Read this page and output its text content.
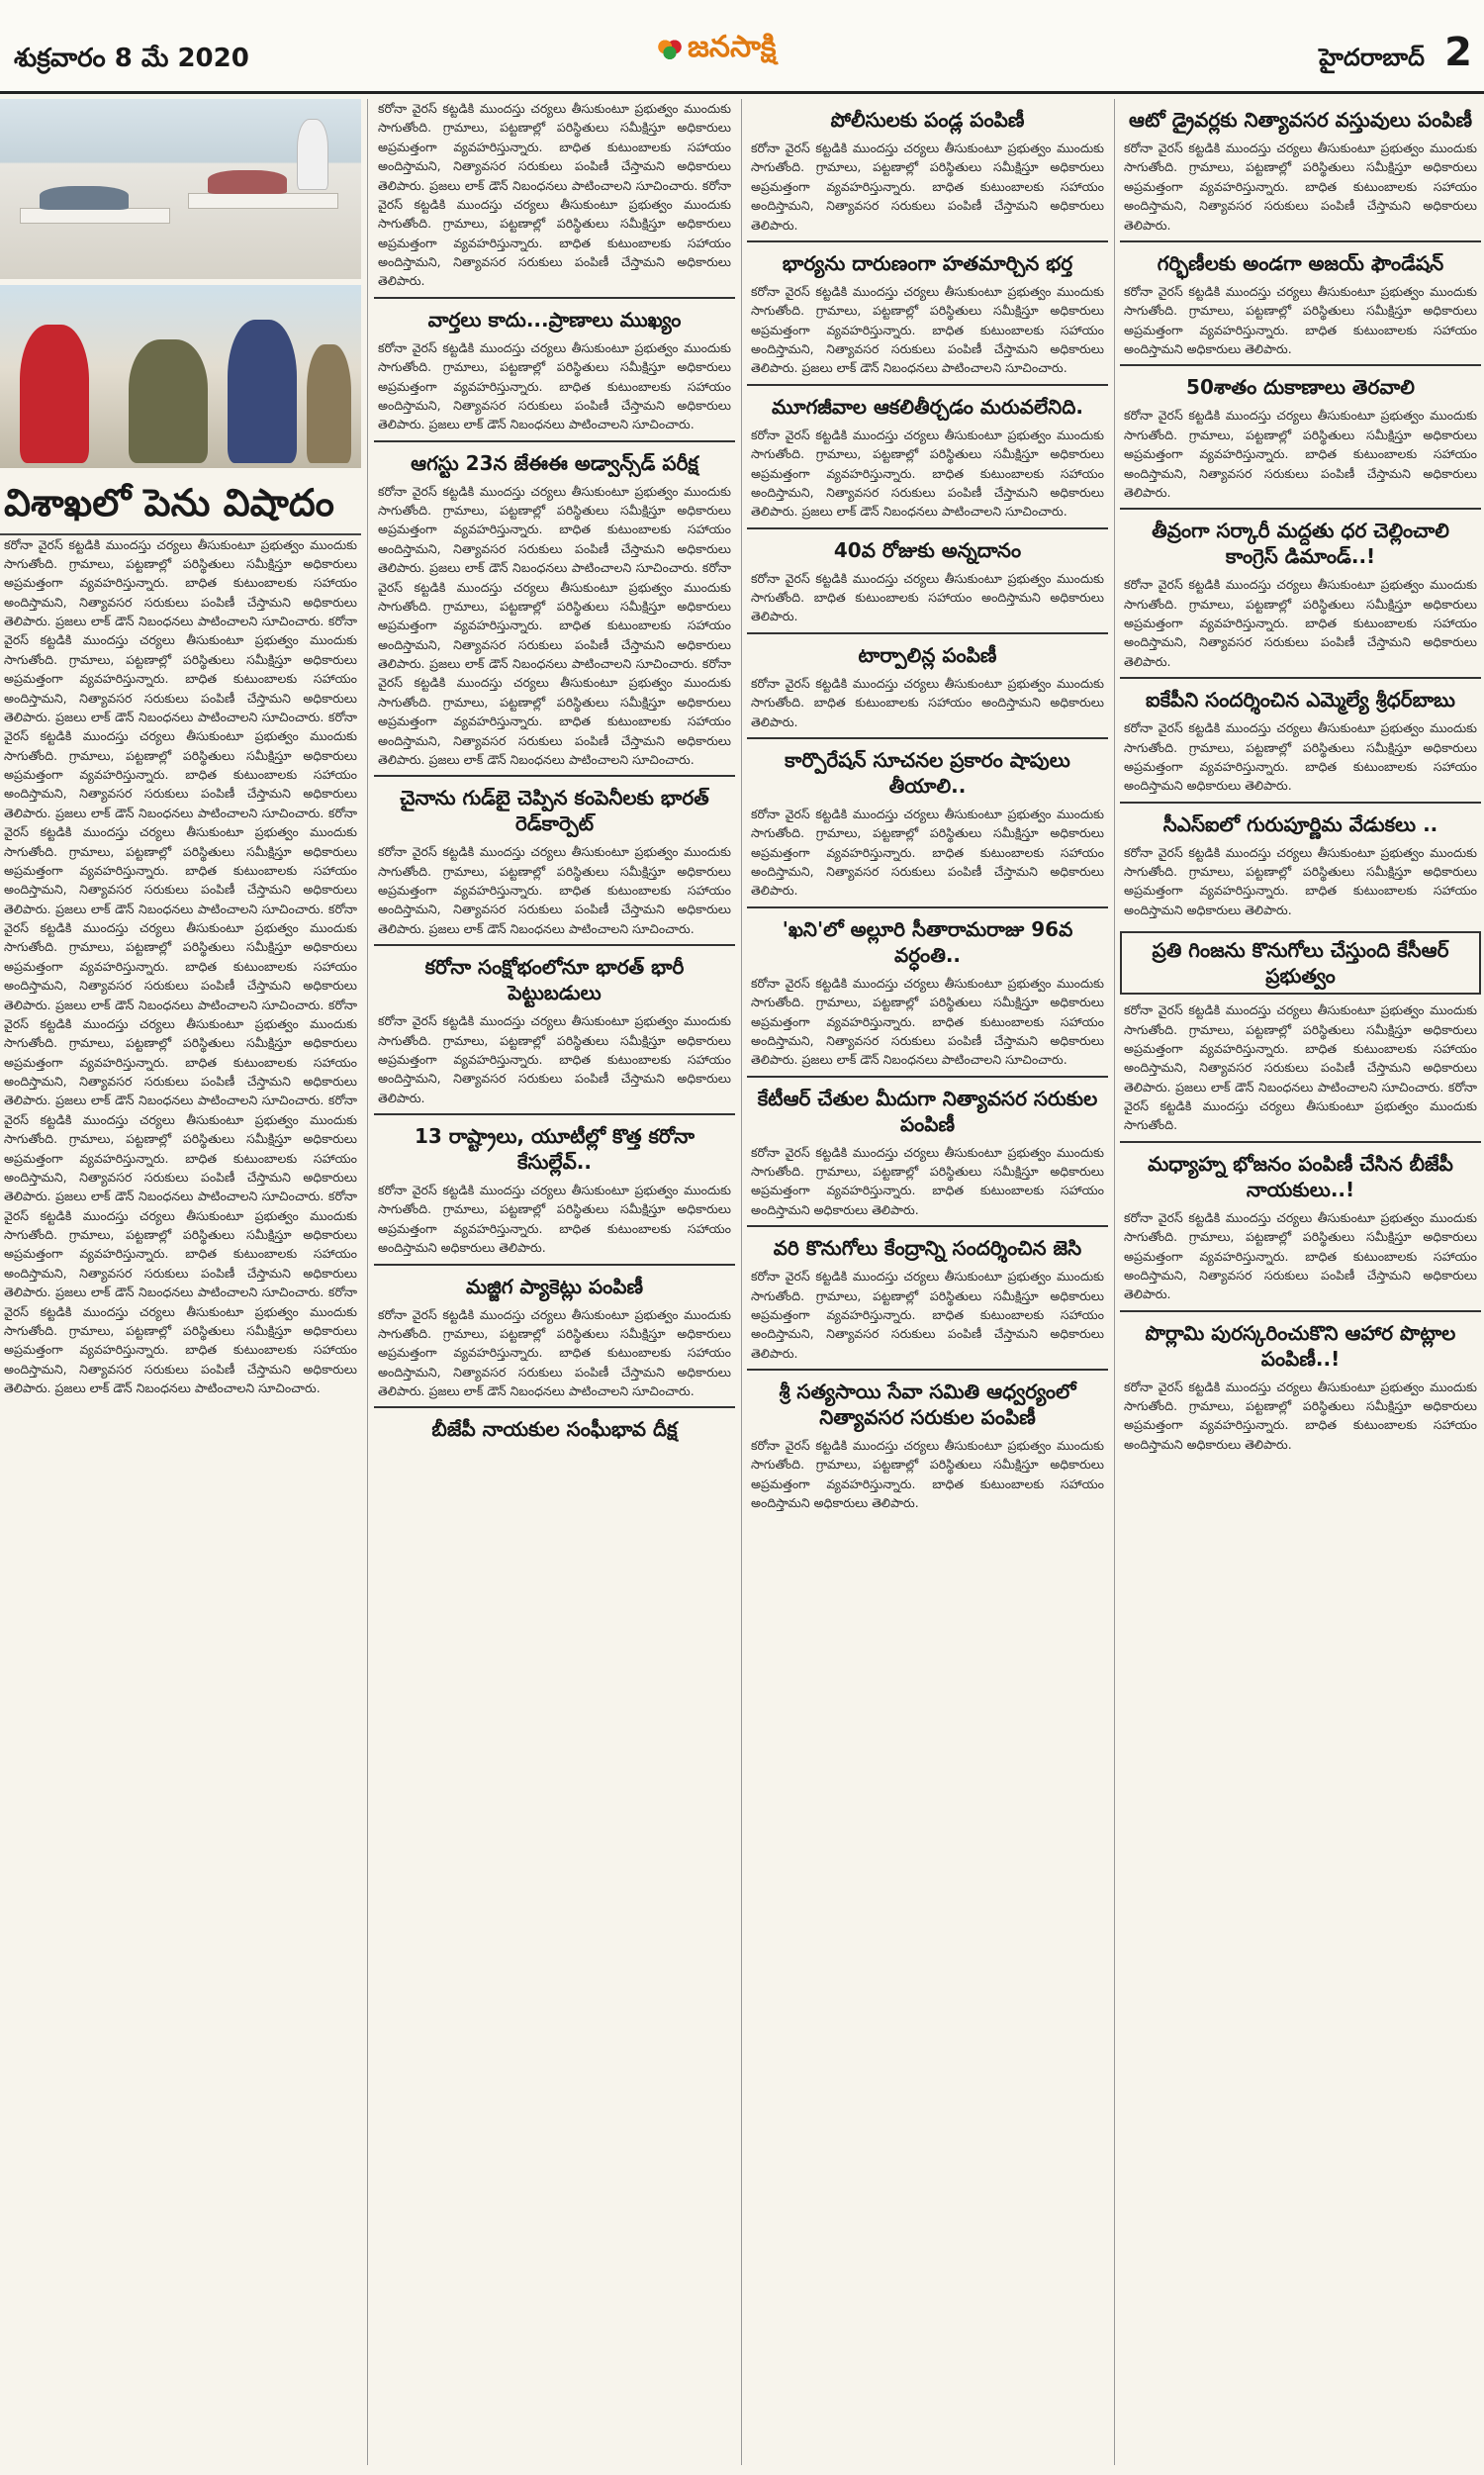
శుక్రవారం 8 మే 2020	జనసాక్షి	హైదరాబాద్ 2
విశాఖలో పెను విషాదం
కరోనా వైరస్ కట్టడికి ముందస్తు చర్యలు తీసుకుంటూ ప్రభుత్వం ముందుకు సాగుతోంది. గ్రామాలు, పట్టణాల్లో పరిస్థితులు సమీక్షిస్తూ అధికారులు అప్రమత్తంగా వ్యవహరిస్తున్నారు. బాధిత కుటుంబాలకు సహాయం అందిస్తామని, నిత్యావసర సరుకులు పంపిణీ చేస్తామని అధికారులు తెలిపారు. ప్రజలు లాక్ డౌన్ నిబంధనలు పాటించాలని సూచించారు. కరోనా వైరస్ కట్టడికి ముందస్తు చర్యలు తీసుకుంటూ ప్రభుత్వం ముందుకు సాగుతోంది. గ్రామాలు, పట్టణాల్లో పరిస్థితులు సమీక్షిస్తూ అధికారులు అప్రమత్తంగా వ్యవహరిస్తున్నారు. బాధిత కుటుంబాలకు సహాయం అందిస్తామని, నిత్యావసర సరుకులు పంపిణీ చేస్తామని అధికారులు తెలిపారు. ప్రజలు లాక్ డౌన్ నిబంధనలు పాటించాలని సూచించారు. కరోనా వైరస్ కట్టడికి ముందస్తు చర్యలు తీసుకుంటూ ప్రభుత్వం ముందుకు సాగుతోంది. గ్రామాలు, పట్టణాల్లో పరిస్థితులు సమీక్షిస్తూ అధికారులు అప్రమత్తంగా వ్యవహరిస్తున్నారు. బాధిత కుటుంబాలకు సహాయం అందిస్తామని, నిత్యావసర సరుకులు పంపిణీ చేస్తామని అధికారులు తెలిపారు. ప్రజలు లాక్ డౌన్ నిబంధనలు పాటించాలని సూచించారు. కరోనా వైరస్ కట్టడికి ముందస్తు చర్యలు తీసుకుంటూ ప్రభుత్వం ముందుకు సాగుతోంది. గ్రామాలు, పట్టణాల్లో పరిస్థితులు సమీక్షిస్తూ అధికారులు అప్రమత్తంగా వ్యవహరిస్తున్నారు. బాధిత కుటుంబాలకు సహాయం అందిస్తామని, నిత్యావసర సరుకులు పంపిణీ చేస్తామని అధికారులు తెలిపారు. ప్రజలు లాక్ డౌన్ నిబంధనలు పాటించాలని సూచించారు. కరోనా వైరస్ కట్టడికి ముందస్తు చర్యలు తీసుకుంటూ ప్రభుత్వం ముందుకు సాగుతోంది. గ్రామాలు, పట్టణాల్లో పరిస్థితులు సమీక్షిస్తూ అధికారులు అప్రమత్తంగా వ్యవహరిస్తున్నారు. బాధిత కుటుంబాలకు సహాయం అందిస్తామని, నిత్యావసర సరుకులు పంపిణీ చేస్తామని అధికారులు తెలిపారు. ప్రజలు లాక్ డౌన్ నిబంధనలు పాటించాలని సూచించారు. కరోనా వైరస్ కట్టడికి ముందస్తు చర్యలు తీసుకుంటూ ప్రభుత్వం ముందుకు సాగుతోంది. గ్రామాలు, పట్టణాల్లో పరిస్థితులు సమీక్షిస్తూ అధికారులు అప్రమత్తంగా వ్యవహరిస్తున్నారు. బాధిత కుటుంబాలకు సహాయం అందిస్తామని, నిత్యావసర సరుకులు పంపిణీ చేస్తామని అధికారులు తెలిపారు. ప్రజలు లాక్ డౌన్ నిబంధనలు పాటించాలని సూచించారు. కరోనా వైరస్ కట్టడికి ముందస్తు చర్యలు తీసుకుంటూ ప్రభుత్వం ముందుకు సాగుతోంది. గ్రామాలు, పట్టణాల్లో పరిస్థితులు సమీక్షిస్తూ అధికారులు అప్రమత్తంగా వ్యవహరిస్తున్నారు. బాధిత కుటుంబాలకు సహాయం అందిస్తామని, నిత్యావసర సరుకులు పంపిణీ చేస్తామని అధికారులు తెలిపారు. ప్రజలు లాక్ డౌన్ నిబంధనలు పాటించాలని సూచించారు. కరోనా వైరస్ కట్టడికి ముందస్తు చర్యలు తీసుకుంటూ ప్రభుత్వం ముందుకు సాగుతోంది. గ్రామాలు, పట్టణాల్లో పరిస్థితులు సమీక్షిస్తూ అధికారులు అప్రమత్తంగా వ్యవహరిస్తున్నారు. బాధిత కుటుంబాలకు సహాయం అందిస్తామని, నిత్యావసర సరుకులు పంపిణీ చేస్తామని అధికారులు తెలిపారు. ప్రజలు లాక్ డౌన్ నిబంధనలు పాటించాలని సూచించారు. కరోనా వైరస్ కట్టడికి ముందస్తు చర్యలు తీసుకుంటూ ప్రభుత్వం ముందుకు సాగుతోంది. గ్రామాలు, పట్టణాల్లో పరిస్థితులు సమీక్షిస్తూ అధికారులు అప్రమత్తంగా వ్యవహరిస్తున్నారు. బాధిత కుటుంబాలకు సహాయం అందిస్తామని, నిత్యావసర సరుకులు పంపిణీ చేస్తామని అధికారులు తెలిపారు. ప్రజలు లాక్ డౌన్ నిబంధనలు పాటించాలని సూచించారు.
కరోనా వైరస్ కట్టడికి ముందస్తు చర్యలు తీసుకుంటూ ప్రభుత్వం ముందుకు సాగుతోంది. గ్రామాలు, పట్టణాల్లో పరిస్థితులు సమీక్షిస్తూ అధికారులు అప్రమత్తంగా వ్యవహరిస్తున్నారు. బాధిత కుటుంబాలకు సహాయం అందిస్తామని, నిత్యావసర సరుకులు పంపిణీ చేస్తామని అధికారులు తెలిపారు. ప్రజలు లాక్ డౌన్ నిబంధనలు పాటించాలని సూచించారు. కరోనా వైరస్ కట్టడికి ముందస్తు చర్యలు తీసుకుంటూ ప్రభుత్వం ముందుకు సాగుతోంది. గ్రామాలు, పట్టణాల్లో పరిస్థితులు సమీక్షిస్తూ అధికారులు అప్రమత్తంగా వ్యవహరిస్తున్నారు. బాధిత కుటుంబాలకు సహాయం అందిస్తామని, నిత్యావసర సరుకులు పంపిణీ చేస్తామని అధికారులు తెలిపారు.
వార్తలు కాదు...ప్రాణాలు ముఖ్యం
కరోనా వైరస్ కట్టడికి ముందస్తు చర్యలు తీసుకుంటూ ప్రభుత్వం ముందుకు సాగుతోంది. గ్రామాలు, పట్టణాల్లో పరిస్థితులు సమీక్షిస్తూ అధికారులు అప్రమత్తంగా వ్యవహరిస్తున్నారు. బాధిత కుటుంబాలకు సహాయం అందిస్తామని, నిత్యావసర సరుకులు పంపిణీ చేస్తామని అధికారులు తెలిపారు. ప్రజలు లాక్ డౌన్ నిబంధనలు పాటించాలని సూచించారు.
ఆగస్టు 23న జేఈఈ అడ్వాన్స్‌డ్ పరీక్ష
కరోనా వైరస్ కట్టడికి ముందస్తు చర్యలు తీసుకుంటూ ప్రభుత్వం ముందుకు సాగుతోంది. గ్రామాలు, పట్టణాల్లో పరిస్థితులు సమీక్షిస్తూ అధికారులు అప్రమత్తంగా వ్యవహరిస్తున్నారు. బాధిత కుటుంబాలకు సహాయం అందిస్తామని, నిత్యావసర సరుకులు పంపిణీ చేస్తామని అధికారులు తెలిపారు. ప్రజలు లాక్ డౌన్ నిబంధనలు పాటించాలని సూచించారు. కరోనా వైరస్ కట్టడికి ముందస్తు చర్యలు తీసుకుంటూ ప్రభుత్వం ముందుకు సాగుతోంది. గ్రామాలు, పట్టణాల్లో పరిస్థితులు సమీక్షిస్తూ అధికారులు అప్రమత్తంగా వ్యవహరిస్తున్నారు. బాధిత కుటుంబాలకు సహాయం అందిస్తామని, నిత్యావసర సరుకులు పంపిణీ చేస్తామని అధికారులు తెలిపారు. ప్రజలు లాక్ డౌన్ నిబంధనలు పాటించాలని సూచించారు. కరోనా వైరస్ కట్టడికి ముందస్తు చర్యలు తీసుకుంటూ ప్రభుత్వం ముందుకు సాగుతోంది. గ్రామాలు, పట్టణాల్లో పరిస్థితులు సమీక్షిస్తూ అధికారులు అప్రమత్తంగా వ్యవహరిస్తున్నారు. బాధిత కుటుంబాలకు సహాయం అందిస్తామని, నిత్యావసర సరుకులు పంపిణీ చేస్తామని అధికారులు తెలిపారు. ప్రజలు లాక్ డౌన్ నిబంధనలు పాటించాలని సూచించారు.
చైనాను గుడ్‌బై చెప్పిన కంపెనీలకు భారత్ రెడ్‌కార్పెట్
కరోనా వైరస్ కట్టడికి ముందస్తు చర్యలు తీసుకుంటూ ప్రభుత్వం ముందుకు సాగుతోంది. గ్రామాలు, పట్టణాల్లో పరిస్థితులు సమీక్షిస్తూ అధికారులు అప్రమత్తంగా వ్యవహరిస్తున్నారు. బాధిత కుటుంబాలకు సహాయం అందిస్తామని, నిత్యావసర సరుకులు పంపిణీ చేస్తామని అధికారులు తెలిపారు. ప్రజలు లాక్ డౌన్ నిబంధనలు పాటించాలని సూచించారు.
కరోనా సంక్షోభంలోనూ భారత్ భారీ పెట్టుబడులు
కరోనా వైరస్ కట్టడికి ముందస్తు చర్యలు తీసుకుంటూ ప్రభుత్వం ముందుకు సాగుతోంది. గ్రామాలు, పట్టణాల్లో పరిస్థితులు సమీక్షిస్తూ అధికారులు అప్రమత్తంగా వ్యవహరిస్తున్నారు. బాధిత కుటుంబాలకు సహాయం అందిస్తామని, నిత్యావసర సరుకులు పంపిణీ చేస్తామని అధికారులు తెలిపారు.
13 రాష్ట్రాలు, యూటీల్లో కొత్త కరోనా కేసుల్లేవ్..
కరోనా వైరస్ కట్టడికి ముందస్తు చర్యలు తీసుకుంటూ ప్రభుత్వం ముందుకు సాగుతోంది. గ్రామాలు, పట్టణాల్లో పరిస్థితులు సమీక్షిస్తూ అధికారులు అప్రమత్తంగా వ్యవహరిస్తున్నారు. బాధిత కుటుంబాలకు సహాయం అందిస్తామని అధికారులు తెలిపారు.
మజ్జిగ ప్యాకెట్లు పంపిణీ
కరోనా వైరస్ కట్టడికి ముందస్తు చర్యలు తీసుకుంటూ ప్రభుత్వం ముందుకు సాగుతోంది. గ్రామాలు, పట్టణాల్లో పరిస్థితులు సమీక్షిస్తూ అధికారులు అప్రమత్తంగా వ్యవహరిస్తున్నారు. బాధిత కుటుంబాలకు సహాయం అందిస్తామని, నిత్యావసర సరుకులు పంపిణీ చేస్తామని అధికారులు తెలిపారు. ప్రజలు లాక్ డౌన్ నిబంధనలు పాటించాలని సూచించారు.
బీజేపీ నాయకుల సంఘీభావ దీక్ష
పోలీసులకు పండ్ల పంపిణీ
కరోనా వైరస్ కట్టడికి ముందస్తు చర్యలు తీసుకుంటూ ప్రభుత్వం ముందుకు సాగుతోంది. గ్రామాలు, పట్టణాల్లో పరిస్థితులు సమీక్షిస్తూ అధికారులు అప్రమత్తంగా వ్యవహరిస్తున్నారు. బాధిత కుటుంబాలకు సహాయం అందిస్తామని, నిత్యావసర సరుకులు పంపిణీ చేస్తామని అధికారులు తెలిపారు.
భార్యను దారుణంగా హతమార్చిన భర్త
కరోనా వైరస్ కట్టడికి ముందస్తు చర్యలు తీసుకుంటూ ప్రభుత్వం ముందుకు సాగుతోంది. గ్రామాలు, పట్టణాల్లో పరిస్థితులు సమీక్షిస్తూ అధికారులు అప్రమత్తంగా వ్యవహరిస్తున్నారు. బాధిత కుటుంబాలకు సహాయం అందిస్తామని, నిత్యావసర సరుకులు పంపిణీ చేస్తామని అధికారులు తెలిపారు. ప్రజలు లాక్ డౌన్ నిబంధనలు పాటించాలని సూచించారు.
మూగజీవాల ఆకలితీర్చడం మరువలేనిది.
కరోనా వైరస్ కట్టడికి ముందస్తు చర్యలు తీసుకుంటూ ప్రభుత్వం ముందుకు సాగుతోంది. గ్రామాలు, పట్టణాల్లో పరిస్థితులు సమీక్షిస్తూ అధికారులు అప్రమత్తంగా వ్యవహరిస్తున్నారు. బాధిత కుటుంబాలకు సహాయం అందిస్తామని, నిత్యావసర సరుకులు పంపిణీ చేస్తామని అధికారులు తెలిపారు. ప్రజలు లాక్ డౌన్ నిబంధనలు పాటించాలని సూచించారు.
40వ రోజుకు అన్నదానం
కరోనా వైరస్ కట్టడికి ముందస్తు చర్యలు తీసుకుంటూ ప్రభుత్వం ముందుకు సాగుతోంది. బాధిత కుటుంబాలకు సహాయం అందిస్తామని అధికారులు తెలిపారు.
టార్పాలిన్ల పంపిణీ
కరోనా వైరస్ కట్టడికి ముందస్తు చర్యలు తీసుకుంటూ ప్రభుత్వం ముందుకు సాగుతోంది. బాధిత కుటుంబాలకు సహాయం అందిస్తామని అధికారులు తెలిపారు.
కార్పొరేషన్ సూచనల ప్రకారం షాపులు తీయాలి..
కరోనా వైరస్ కట్టడికి ముందస్తు చర్యలు తీసుకుంటూ ప్రభుత్వం ముందుకు సాగుతోంది. గ్రామాలు, పట్టణాల్లో పరిస్థితులు సమీక్షిస్తూ అధికారులు అప్రమత్తంగా వ్యవహరిస్తున్నారు. బాధిత కుటుంబాలకు సహాయం అందిస్తామని, నిత్యావసర సరుకులు పంపిణీ చేస్తామని అధికారులు తెలిపారు.
'ఖని'లో అల్లూరి సీతారామరాజు 96వ వర్ధంతి..
కరోనా వైరస్ కట్టడికి ముందస్తు చర్యలు తీసుకుంటూ ప్రభుత్వం ముందుకు సాగుతోంది. గ్రామాలు, పట్టణాల్లో పరిస్థితులు సమీక్షిస్తూ అధికారులు అప్రమత్తంగా వ్యవహరిస్తున్నారు. బాధిత కుటుంబాలకు సహాయం అందిస్తామని, నిత్యావసర సరుకులు పంపిణీ చేస్తామని అధికారులు తెలిపారు. ప్రజలు లాక్ డౌన్ నిబంధనలు పాటించాలని సూచించారు.
కేటీఆర్ చేతుల మీదుగా నిత్యావసర సరుకుల పంపిణీ
కరోనా వైరస్ కట్టడికి ముందస్తు చర్యలు తీసుకుంటూ ప్రభుత్వం ముందుకు సాగుతోంది. గ్రామాలు, పట్టణాల్లో పరిస్థితులు సమీక్షిస్తూ అధికారులు అప్రమత్తంగా వ్యవహరిస్తున్నారు. బాధిత కుటుంబాలకు సహాయం అందిస్తామని అధికారులు తెలిపారు.
వరి కొనుగోలు కేంద్రాన్ని సందర్శించిన జెసి
కరోనా వైరస్ కట్టడికి ముందస్తు చర్యలు తీసుకుంటూ ప్రభుత్వం ముందుకు సాగుతోంది. గ్రామాలు, పట్టణాల్లో పరిస్థితులు సమీక్షిస్తూ అధికారులు అప్రమత్తంగా వ్యవహరిస్తున్నారు. బాధిత కుటుంబాలకు సహాయం అందిస్తామని, నిత్యావసర సరుకులు పంపిణీ చేస్తామని అధికారులు తెలిపారు.
శ్రీ సత్యసాయి సేవా సమితి ఆధ్వర్యంలో నిత్యావసర సరుకుల పంపిణీ
కరోనా వైరస్ కట్టడికి ముందస్తు చర్యలు తీసుకుంటూ ప్రభుత్వం ముందుకు సాగుతోంది. గ్రామాలు, పట్టణాల్లో పరిస్థితులు సమీక్షిస్తూ అధికారులు అప్రమత్తంగా వ్యవహరిస్తున్నారు. బాధిత కుటుంబాలకు సహాయం అందిస్తామని అధికారులు తెలిపారు.
ఆటో డ్రైవర్లకు నిత్యావసర వస్తువులు పంపిణీ
కరోనా వైరస్ కట్టడికి ముందస్తు చర్యలు తీసుకుంటూ ప్రభుత్వం ముందుకు సాగుతోంది. గ్రామాలు, పట్టణాల్లో పరిస్థితులు సమీక్షిస్తూ అధికారులు అప్రమత్తంగా వ్యవహరిస్తున్నారు. బాధిత కుటుంబాలకు సహాయం అందిస్తామని, నిత్యావసర సరుకులు పంపిణీ చేస్తామని అధికారులు తెలిపారు.
గర్భిణీలకు అండగా అజయ్ ఫౌండేషన్
కరోనా వైరస్ కట్టడికి ముందస్తు చర్యలు తీసుకుంటూ ప్రభుత్వం ముందుకు సాగుతోంది. గ్రామాలు, పట్టణాల్లో పరిస్థితులు సమీక్షిస్తూ అధికారులు అప్రమత్తంగా వ్యవహరిస్తున్నారు. బాధిత కుటుంబాలకు సహాయం అందిస్తామని అధికారులు తెలిపారు.
50శాతం దుకాణాలు తెరవాలి
కరోనా వైరస్ కట్టడికి ముందస్తు చర్యలు తీసుకుంటూ ప్రభుత్వం ముందుకు సాగుతోంది. గ్రామాలు, పట్టణాల్లో పరిస్థితులు సమీక్షిస్తూ అధికారులు అప్రమత్తంగా వ్యవహరిస్తున్నారు. బాధిత కుటుంబాలకు సహాయం అందిస్తామని, నిత్యావసర సరుకులు పంపిణీ చేస్తామని అధికారులు తెలిపారు.
తీవ్రంగా సర్కారీ మద్దతు ధర చెల్లించాలి కాంగ్రెస్ డిమాండ్..!
కరోనా వైరస్ కట్టడికి ముందస్తు చర్యలు తీసుకుంటూ ప్రభుత్వం ముందుకు సాగుతోంది. గ్రామాలు, పట్టణాల్లో పరిస్థితులు సమీక్షిస్తూ అధికారులు అప్రమత్తంగా వ్యవహరిస్తున్నారు. బాధిత కుటుంబాలకు సహాయం అందిస్తామని, నిత్యావసర సరుకులు పంపిణీ చేస్తామని అధికారులు తెలిపారు.
ఐకేపీని సందర్శించిన ఎమ్మెల్యే శ్రీధర్‌బాబు
కరోనా వైరస్ కట్టడికి ముందస్తు చర్యలు తీసుకుంటూ ప్రభుత్వం ముందుకు సాగుతోంది. గ్రామాలు, పట్టణాల్లో పరిస్థితులు సమీక్షిస్తూ అధికారులు అప్రమత్తంగా వ్యవహరిస్తున్నారు. బాధిత కుటుంబాలకు సహాయం అందిస్తామని అధికారులు తెలిపారు.
సీఎస్ఐలో గురుపూర్ణిమ వేడుకలు ..
కరోనా వైరస్ కట్టడికి ముందస్తు చర్యలు తీసుకుంటూ ప్రభుత్వం ముందుకు సాగుతోంది. గ్రామాలు, పట్టణాల్లో పరిస్థితులు సమీక్షిస్తూ అధికారులు అప్రమత్తంగా వ్యవహరిస్తున్నారు. బాధిత కుటుంబాలకు సహాయం అందిస్తామని అధికారులు తెలిపారు.
ప్రతి గింజను కొనుగోలు చేస్తుంది కేసీఆర్ ప్రభుత్వం
కరోనా వైరస్ కట్టడికి ముందస్తు చర్యలు తీసుకుంటూ ప్రభుత్వం ముందుకు సాగుతోంది. గ్రామాలు, పట్టణాల్లో పరిస్థితులు సమీక్షిస్తూ అధికారులు అప్రమత్తంగా వ్యవహరిస్తున్నారు. బాధిత కుటుంబాలకు సహాయం అందిస్తామని, నిత్యావసర సరుకులు పంపిణీ చేస్తామని అధికారులు తెలిపారు. ప్రజలు లాక్ డౌన్ నిబంధనలు పాటించాలని సూచించారు. కరోనా వైరస్ కట్టడికి ముందస్తు చర్యలు తీసుకుంటూ ప్రభుత్వం ముందుకు సాగుతోంది.
మధ్యాహ్న భోజనం పంపిణీ చేసిన బీజేపీ నాయకులు..!
కరోనా వైరస్ కట్టడికి ముందస్తు చర్యలు తీసుకుంటూ ప్రభుత్వం ముందుకు సాగుతోంది. గ్రామాలు, పట్టణాల్లో పరిస్థితులు సమీక్షిస్తూ అధికారులు అప్రమత్తంగా వ్యవహరిస్తున్నారు. బాధిత కుటుంబాలకు సహాయం అందిస్తామని, నిత్యావసర సరుకులు పంపిణీ చేస్తామని అధికారులు తెలిపారు.
పొర్లామి పురస్కరించుకొని ఆహార పొట్లాల పంపిణీ..!
కరోనా వైరస్ కట్టడికి ముందస్తు చర్యలు తీసుకుంటూ ప్రభుత్వం ముందుకు సాగుతోంది. గ్రామాలు, పట్టణాల్లో పరిస్థితులు సమీక్షిస్తూ అధికారులు అప్రమత్తంగా వ్యవహరిస్తున్నారు. బాధిత కుటుంబాలకు సహాయం అందిస్తామని అధికారులు తెలిపారు.
